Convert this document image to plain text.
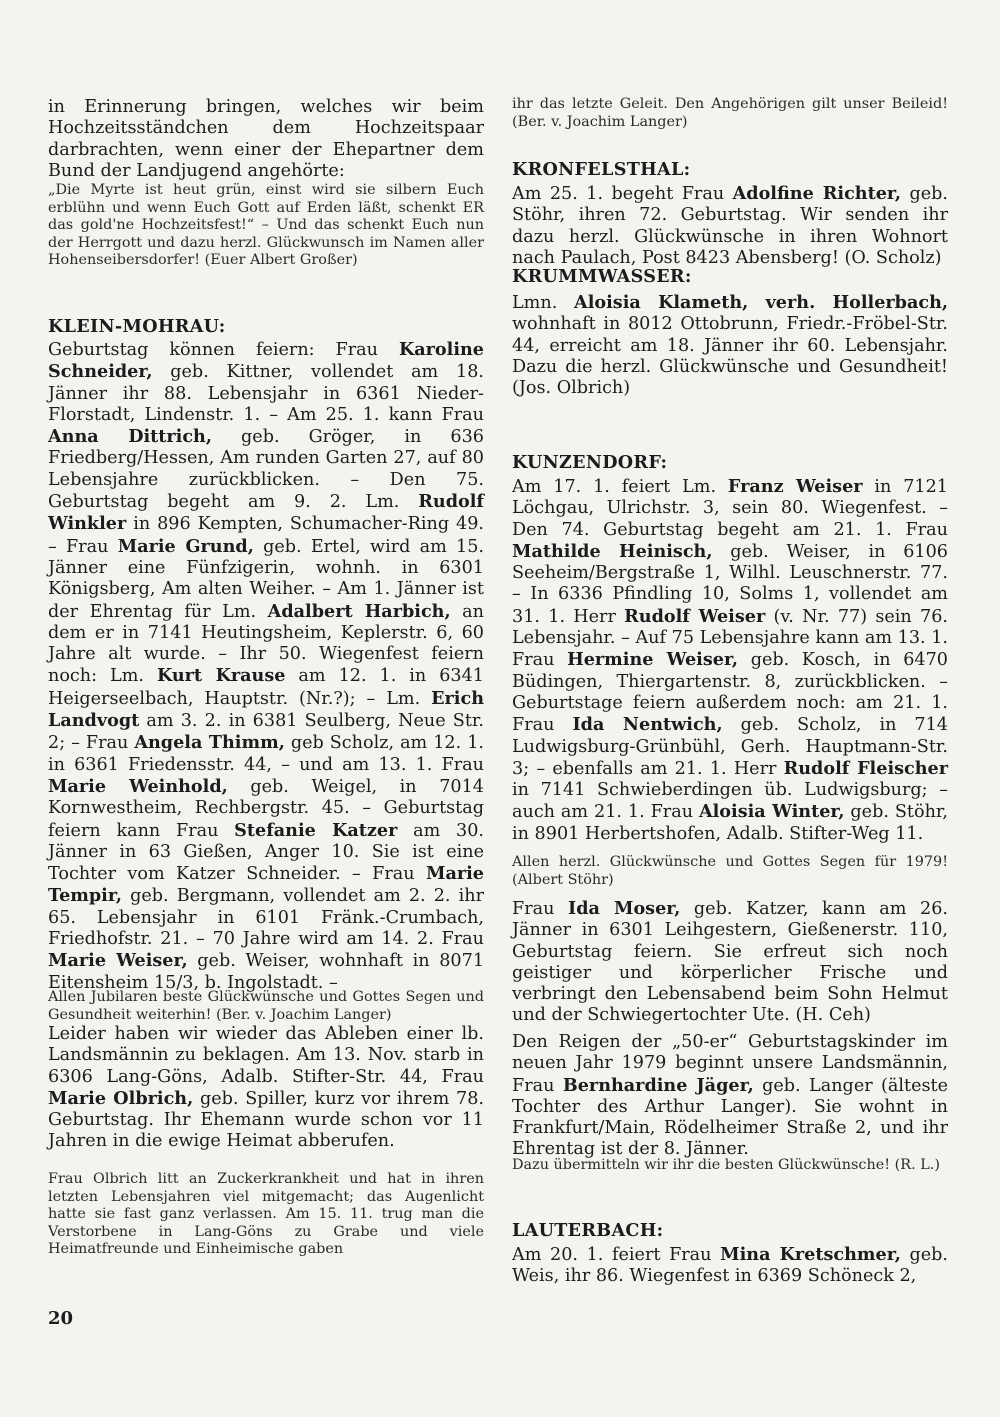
in Erinnerung bringen, welches wir beim Hochzeitsständchen dem Hochzeitspaar darbrachten, wenn einer der Ehepartner dem Bund der Landjugend angehörte:
„Die Myrte ist heut grün, einst wird sie silbern Euch erblühn und wenn Euch Gott auf Erden läßt, schenkt ER das gold'ne Hochzeitsfest!“ – Und das schenkt Euch nun der Herrgott und dazu herzl. Glückwunsch im Namen aller Hohenseibersdorfer! (Euer Albert Großer)
KLEIN-MOHRAU:
Geburtstag können feiern: Frau Karoline Schneider, geb. Kittner, vollendet am 18. Jänner ihr 88. Lebensjahr in 6361 Nieder-Florstadt, Lindenstr. 1. – Am 25. 1. kann Frau Anna Dittrich, geb. Gröger, in 636 Friedberg/Hessen, Am runden Garten 27, auf 80 Lebensjahre zurückblicken. – Den 75. Geburtstag begeht am 9. 2. Lm. Rudolf Winkler in 896 Kempten, Schumacher-Ring 49. – Frau Marie Grund, geb. Ertel, wird am 15. Jänner eine Fünfzigerin, wohnh. in 6301 Königsberg, Am alten Weiher. – Am 1. Jänner ist der Ehrentag für Lm. Adalbert Harbich, an dem er in 7141 Heutingsheim, Keplerstr. 6, 60 Jahre alt wurde. – Ihr 50. Wiegenfest feiern noch: Lm. Kurt Krause am 12. 1. in 6341 Heigerseelbach, Hauptstr. (Nr.?); – Lm. Erich Landvogt am 3. 2. in 6381 Seulberg, Neue Str. 2; – Frau Angela Thimm, geb Scholz, am 12. 1. in 6361 Friedensstr. 44, – und am 13. 1. Frau Marie Weinhold, geb. Weigel, in 7014 Kornwestheim, Rechbergstr. 45. – Geburtstag feiern kann Frau Stefanie Katzer am 30. Jänner in 63 Gießen, Anger 10. Sie ist eine Tochter vom Katzer Schneider. – Frau Marie Tempir, geb. Bergmann, vollendet am 2. 2. ihr 65. Lebensjahr in 6101 Fränk.-Crumbach, Friedhofstr. 21. – 70 Jahre wird am 14. 2. Frau Marie Weiser, geb. Weiser, wohnhaft in 8071 Eitensheim 15/3, b. Ingolstadt. –
Allen Jubilaren beste Glückwünsche und Gottes Segen und Gesundheit weiterhin! (Ber. v. Joachim Langer)
Leider haben wir wieder das Ableben einer lb. Landsmännin zu beklagen. Am 13. Nov. starb in 6306 Lang-Göns, Adalb. Stifter-Str. 44, Frau Marie Olbrich, geb. Spiller, kurz vor ihrem 78. Geburtstag. Ihr Ehemann wurde schon vor 11 Jahren in die ewige Heimat abberufen.
Frau Olbrich litt an Zuckerkrankheit und hat in ihren letzten Lebensjahren viel mitgemacht; das Augenlicht hatte sie fast ganz verlassen. Am 15. 11. trug man die Verstorbene in Lang-Göns zu Grabe und viele Heimatfreunde und Einheimische gaben
ihr das letzte Geleit. Den Angehörigen gilt unser Beileid! (Ber. v. Joachim Langer)
KRONFELSTHAL:
Am 25. 1. begeht Frau Adolfine Richter, geb. Stöhr, ihren 72. Geburtstag. Wir senden ihr dazu herzl. Glückwünsche in ihren Wohnort nach Paulach, Post 8423 Abensberg! (O. Scholz)
KRUMMWASSER:
Lmn. Aloisia Klameth, verh. Hollerbach, wohnhaft in 8012 Ottobrunn, Friedr.-Fröbel-Str. 44, erreicht am 18. Jänner ihr 60. Lebensjahr. Dazu die herzl. Glückwünsche und Gesundheit! (Jos. Olbrich)
KUNZENDORF:
Am 17. 1. feiert Lm. Franz Weiser in 7121 Löchgau, Ulrichstr. 3, sein 80. Wiegenfest. – Den 74. Geburtstag begeht am 21. 1. Frau Mathilde Heinisch, geb. Weiser, in 6106 Seeheim/Bergstraße 1, Wilhl. Leuschnerstr. 77. – In 6336 Pfindling 10, Solms 1, vollendet am 31. 1. Herr Rudolf Weiser (v. Nr. 77) sein 76. Lebensjahr. – Auf 75 Lebensjahre kann am 13. 1. Frau Hermine Weiser, geb. Kosch, in 6470 Büdingen, Thiergartenstr. 8, zurückblicken. – Geburtstage feiern außerdem noch: am 21. 1. Frau Ida Nentwich, geb. Scholz, in 714 Ludwigsburg-Grünbühl, Gerh. Hauptmann-Str. 3; – ebenfalls am 21. 1. Herr Rudolf Fleischer in 7141 Schwieberdingen üb. Ludwigsburg; – auch am 21. 1. Frau Aloisia Winter, geb. Stöhr, in 8901 Herbertshofen, Adalb. Stifter-Weg 11.
Allen herzl. Glückwünsche und Gottes Segen für 1979! (Albert Stöhr)
Frau Ida Moser, geb. Katzer, kann am 26. Jänner in 6301 Leihgestern, Gießenerstr. 110, Geburtstag feiern. Sie erfreut sich noch geistiger und körperlicher Frische und verbringt den Lebensabend beim Sohn Helmut und der Schwiegertochter Ute. (H. Ceh)
Den Reigen der „50-er“ Geburtstagskinder im neuen Jahr 1979 beginnt unsere Landsmännin, Frau Bernhardine Jäger, geb. Langer (älteste Tochter des Arthur Langer). Sie wohnt in Frankfurt/Main, Rödelheimer Straße 2, und ihr Ehrentag ist der 8. Jänner.
Dazu übermitteln wir ihr die besten Glückwünsche! (R. L.)
LAUTERBACH:
Am 20. 1. feiert Frau Mina Kretschmer, geb. Weis, ihr 86. Wiegenfest in 6369 Schöneck 2,
20
